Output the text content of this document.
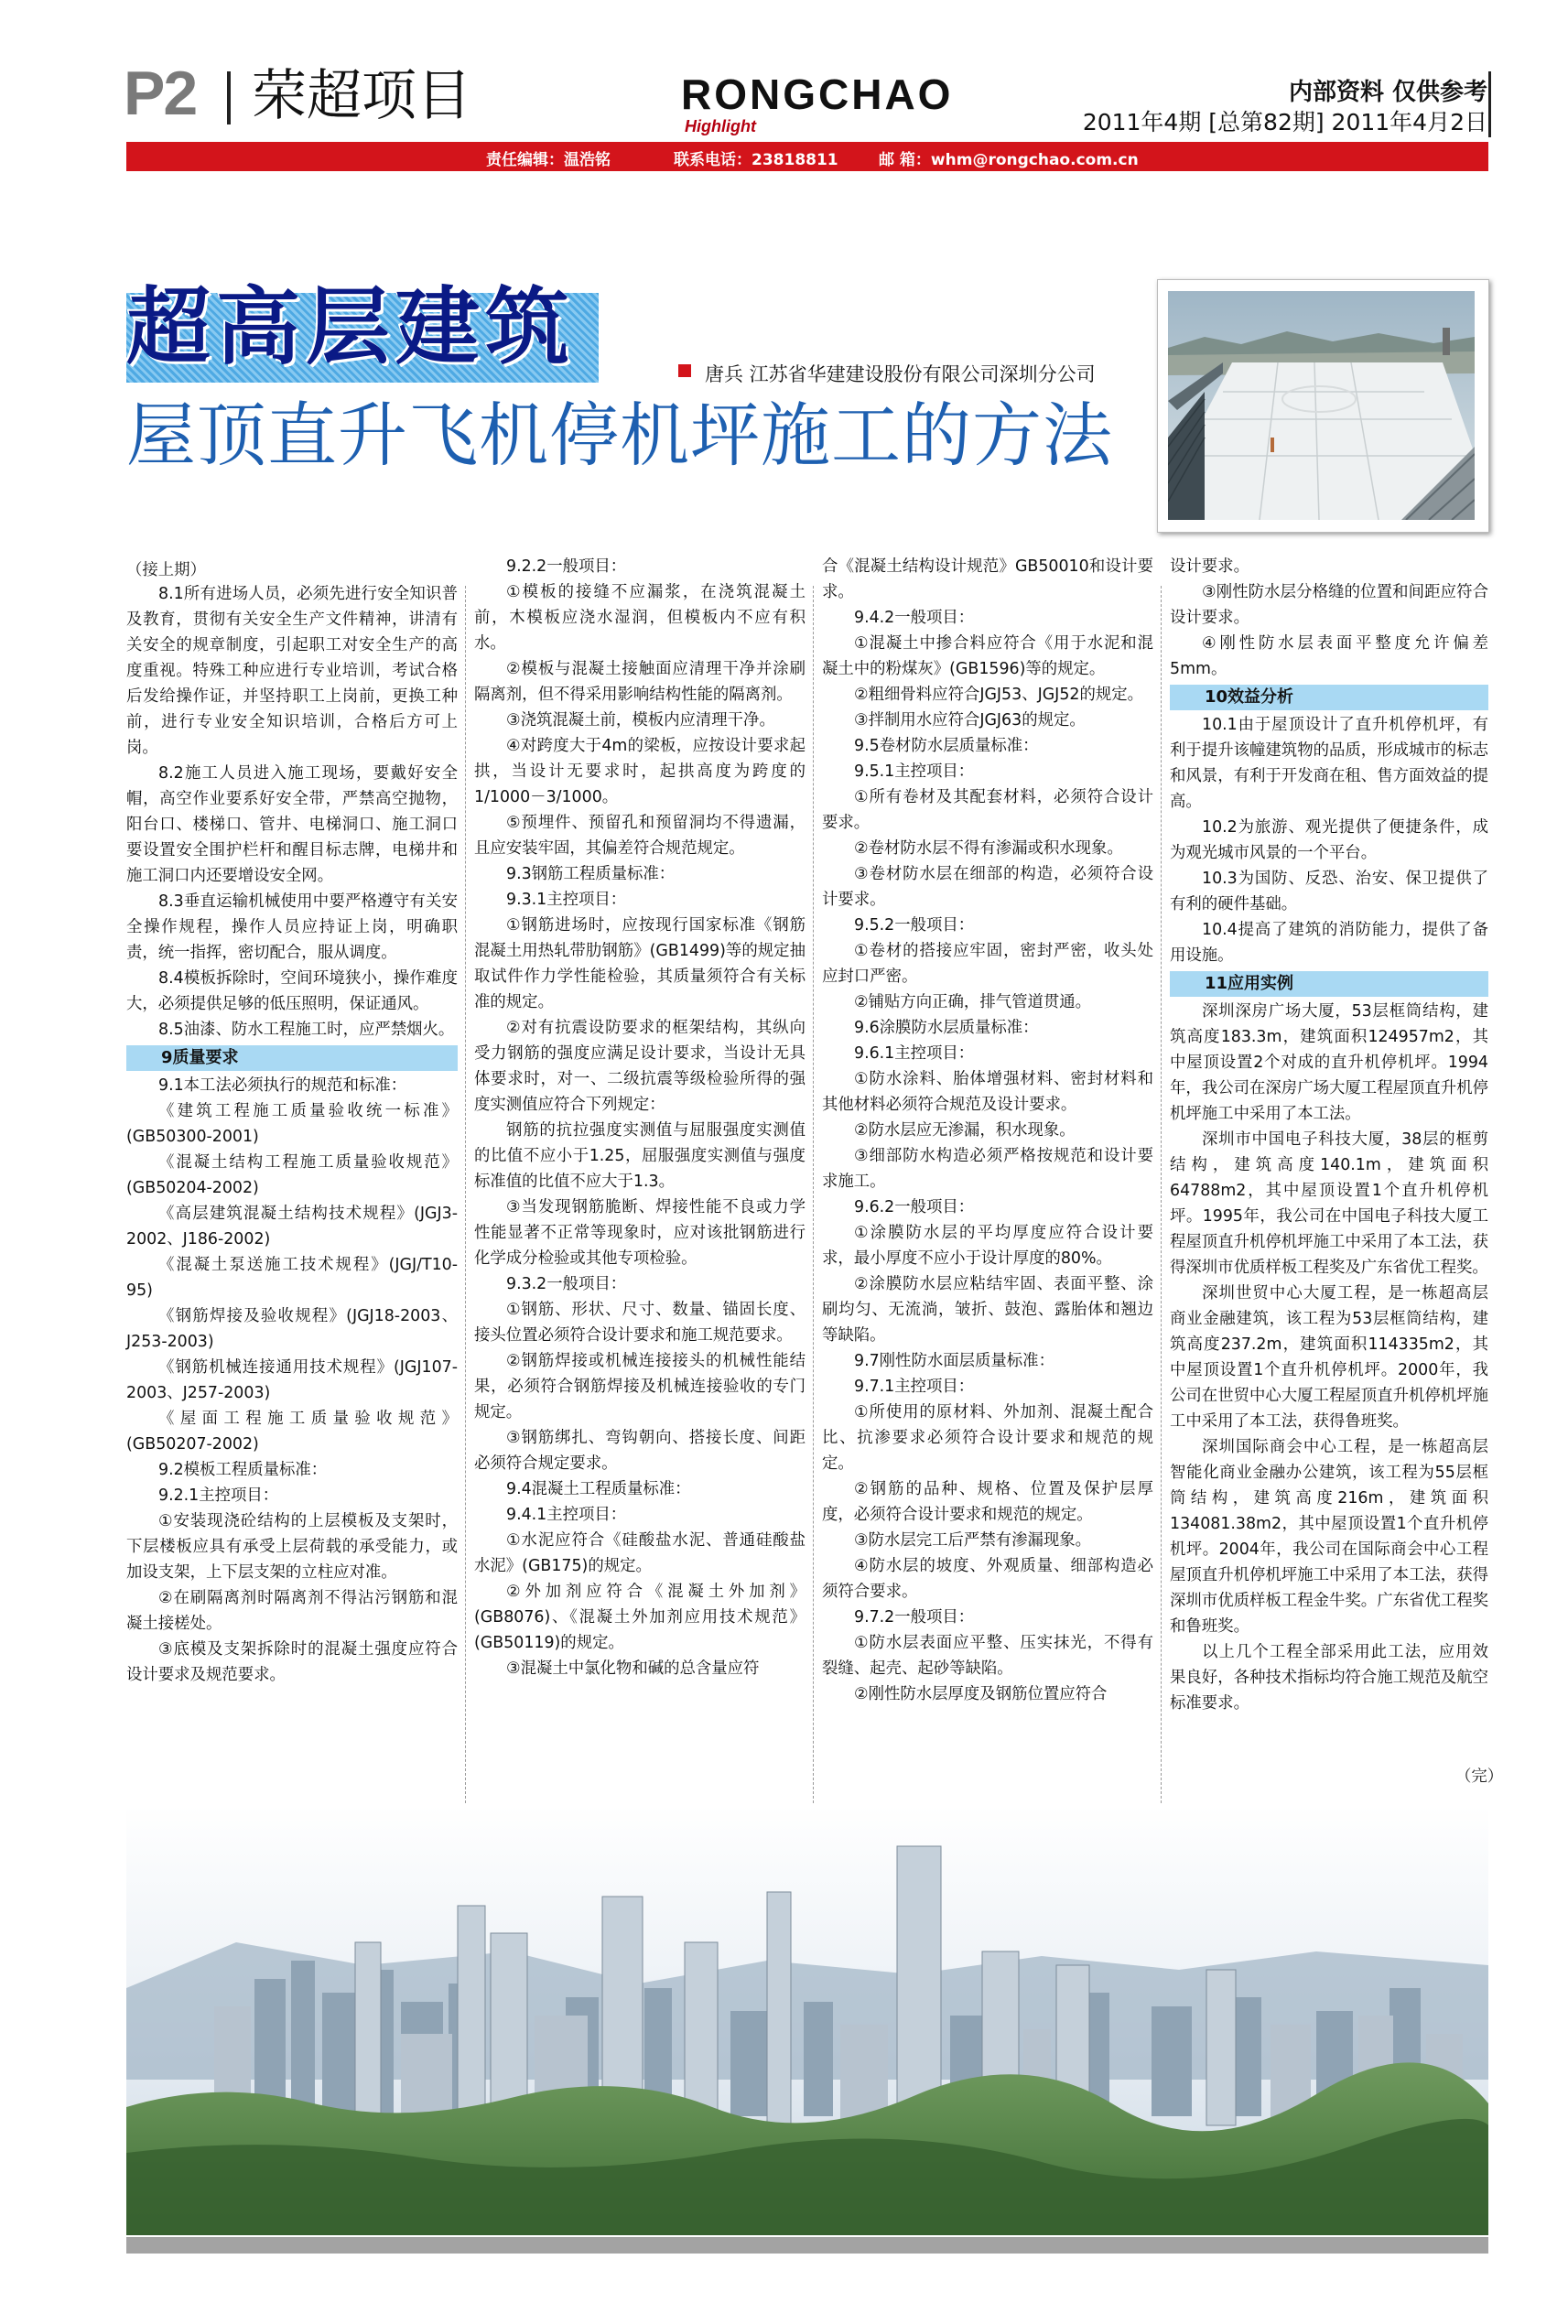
P2 荣超项目	RONGCHAO
Highlight
内部资料 仅供参考
2011年4期 [总第82期] 2011年4月2日
责任编辑：温浩铭	联系电话：23818811	邮 箱：whm@rongchao.com.cn
超高层建筑	唐兵 江苏省华建建设股份有限公司深圳分公司
屋顶直升飞机停机坪施工的方法
（接上期）

8.1所有进场人员，必须先进行安全知识普及教育，贯彻有关安全生产文件精神，讲清有关安全的规章制度，引起职工对安全生产的高度重视。特殊工种应进行专业培训，考试合格后发给操作证，并坚持职工上岗前，更换工种前，进行专业安全知识培训，合格后方可上岗。

8.2施工人员进入施工现场，要戴好安全帽，高空作业要系好安全带，严禁高空抛物，阳台口、楼梯口、管井、电梯洞口、施工洞口要设置安全围护栏杆和醒目标志牌，电梯井和施工洞口内还要增设安全网。

8.3垂直运输机械使用中要严格遵守有关安全操作规程，操作人员应持证上岗，明确职责，统一指挥，密切配合，服从调度。

8.4模板拆除时，空间环境狭小，操作难度大，必须提供足够的低压照明，保证通风。

8.5油漆、防水工程施工时，应严禁烟火。

9质量要求

9.1本工法必须执行的规范和标准：

《建筑工程施工质量验收统一标准》(GB50300-2001)

《混凝土结构工程施工质量验收规范》(GB50204-2002)

《高层建筑混凝土结构技术规程》(JGJ3-2002、J186-2002)

《混凝土泵送施工技术规程》(JGJ/T10-95)

《钢筋焊接及验收规程》(JGJ18-2003、J253-2003)

《钢筋机械连接通用技术规程》(JGJ107-2003、J257-2003)

《屋面工程施工质量验收规范》(GB50207-2002)

9.2模板工程质量标准：

9.2.1主控项目：

①安装现浇砼结构的上层模板及支架时，下层楼板应具有承受上层荷载的承受能力，或加设支架，上下层支架的立柱应对准。

②在刷隔离剂时隔离剂不得沾污钢筋和混凝土接槎处。

③底模及支架拆除时的混凝土强度应符合设计要求及规范要求。

9.2.2一般项目：

①模板的接缝不应漏浆，在浇筑混凝土前，木模板应浇水湿润，但模板内不应有积水。

②模板与混凝土接触面应清理干净并涂刷隔离剂，但不得采用影响结构性能的隔离剂。

③浇筑混凝土前，模板内应清理干净。

④对跨度大于4m的梁板，应按设计要求起拱，当设计无要求时，起拱高度为跨度的1/1000－3/1000。

⑤预埋件、预留孔和预留洞均不得遗漏，且应安装牢固，其偏差符合规范规定。

9.3钢筋工程质量标准：

9.3.1主控项目：

①钢筋进场时，应按现行国家标准《钢筋混凝土用热轧带肋钢筋》(GB1499)等的规定抽取试件作力学性能检验，其质量须符合有关标准的规定。

②对有抗震设防要求的框架结构，其纵向受力钢筋的强度应满足设计要求，当设计无具体要求时，对一、二级抗震等级检验所得的强度实测值应符合下列规定：

钢筋的抗拉强度实测值与屈服强度实测值的比值不应小于1.25，屈服强度实测值与强度标准值的比值不应大于1.3。

③当发现钢筋脆断、焊接性能不良或力学性能显著不正常等现象时，应对该批钢筋进行化学成分检验或其他专项检验。

9.3.2一般项目：

①钢筋、形状、尺寸、数量、锚固长度、接头位置必须符合设计要求和施工规范要求。

②钢筋焊接或机械连接接头的机械性能结果，必须符合钢筋焊接及机械连接验收的专门规定。

③钢筋绑扎、弯钩朝向、搭接长度、间距必须符合规定要求。

9.4混凝土工程质量标准：

9.4.1主控项目：

①水泥应符合《硅酸盐水泥、普通硅酸盐水泥》(GB175)的规定。

②外加剂应符合《混凝土外加剂》(GB8076)、《混凝土外加剂应用技术规范》(GB50119)的规定。

③混凝土中氯化物和碱的总含量应符

合《混凝土结构设计规范》GB50010和设计要求。

9.4.2一般项目：

①混凝土中掺合料应符合《用于水泥和混凝土中的粉煤灰》(GB1596)等的规定。

②粗细骨料应符合JGJ53、JGJ52的规定。

③拌制用水应符合JGJ63的规定。

9.5卷材防水层质量标准：

9.5.1主控项目：

①所有卷材及其配套材料，必须符合设计要求。

②卷材防水层不得有渗漏或积水现象。

③卷材防水层在细部的构造，必须符合设计要求。

9.5.2一般项目：

①卷材的搭接应牢固，密封严密，收头处应封口严密。

②铺贴方向正确，排气管道贯通。

9.6涂膜防水层质量标准：

9.6.1主控项目：

①防水涂料、胎体增强材料、密封材料和其他材料必须符合规范及设计要求。

②防水层应无渗漏，积水现象。

③细部防水构造必须严格按规范和设计要求施工。

9.6.2一般项目：

①涂膜防水层的平均厚度应符合设计要求，最小厚度不应小于设计厚度的80%。

②涂膜防水层应粘结牢固、表面平整、涂刷均匀、无流淌，皱折、鼓泡、露胎体和翘边等缺陷。

9.7刚性防水面层质量标准：

9.7.1主控项目：

①所使用的原材料、外加剂、混凝土配合比、抗渗要求必须符合设计要求和规范的规定。

②钢筋的品种、规格、位置及保护层厚度，必须符合设计要求和规范的规定。

③防水层完工后严禁有渗漏现象。

④防水层的坡度、外观质量、细部构造必须符合要求。

9.7.2一般项目：

①防水层表面应平整、压实抹光，不得有裂缝、起壳、起砂等缺陷。

②刚性防水层厚度及钢筋位置应符合

设计要求。

③刚性防水层分格缝的位置和间距应符合设计要求。

④刚性防水层表面平整度允许偏差5mm。

10效益分析

10.1由于屋顶设计了直升机停机坪，有利于提升该幢建筑物的品质，形成城市的标志和风景，有利于开发商在租、售方面效益的提高。

10.2为旅游、观光提供了便捷条件，成为观光城市风景的一个平台。

10.3为国防、反恐、治安、保卫提供了有利的硬件基础。

10.4提高了建筑的消防能力，提供了备用设施。

11应用实例

深圳深房广场大厦，53层框筒结构，建筑高度183.3m，建筑面积124957m2，其中屋顶设置2个对成的直升机停机坪。1994年，我公司在深房广场大厦工程屋顶直升机停机坪施工中采用了本工法。

深圳市中国电子科技大厦，38层的框剪结构，建筑高度140.1m，建筑面积64788m2，其中屋顶设置1个直升机停机坪。1995年，我公司在中国电子科技大厦工程屋顶直升机停机坪施工中采用了本工法，获得深圳市优质样板工程奖及广东省优工程奖。

深圳世贸中心大厦工程，是一栋超高层商业金融建筑，该工程为53层框筒结构，建筑高度237.2m，建筑面积114335m2，其中屋顶设置1个直升机停机坪。2000年，我公司在世贸中心大厦工程屋顶直升机停机坪施工中采用了本工法，获得鲁班奖。

深圳国际商会中心工程，是一栋超高层智能化商业金融办公建筑，该工程为55层框筒结构，建筑高度216m，建筑面积134081.38m2，其中屋顶设置1个直升机停机坪。2004年，我公司在国际商会中心工程屋顶直升机停机坪施工中采用了本工法，获得深圳市优质样板工程金牛奖。广东省优工程奖和鲁班奖。

以上几个工程全部采用此工法，应用效果良好，各种技术指标均符合施工规范及航空标准要求。

（完）
